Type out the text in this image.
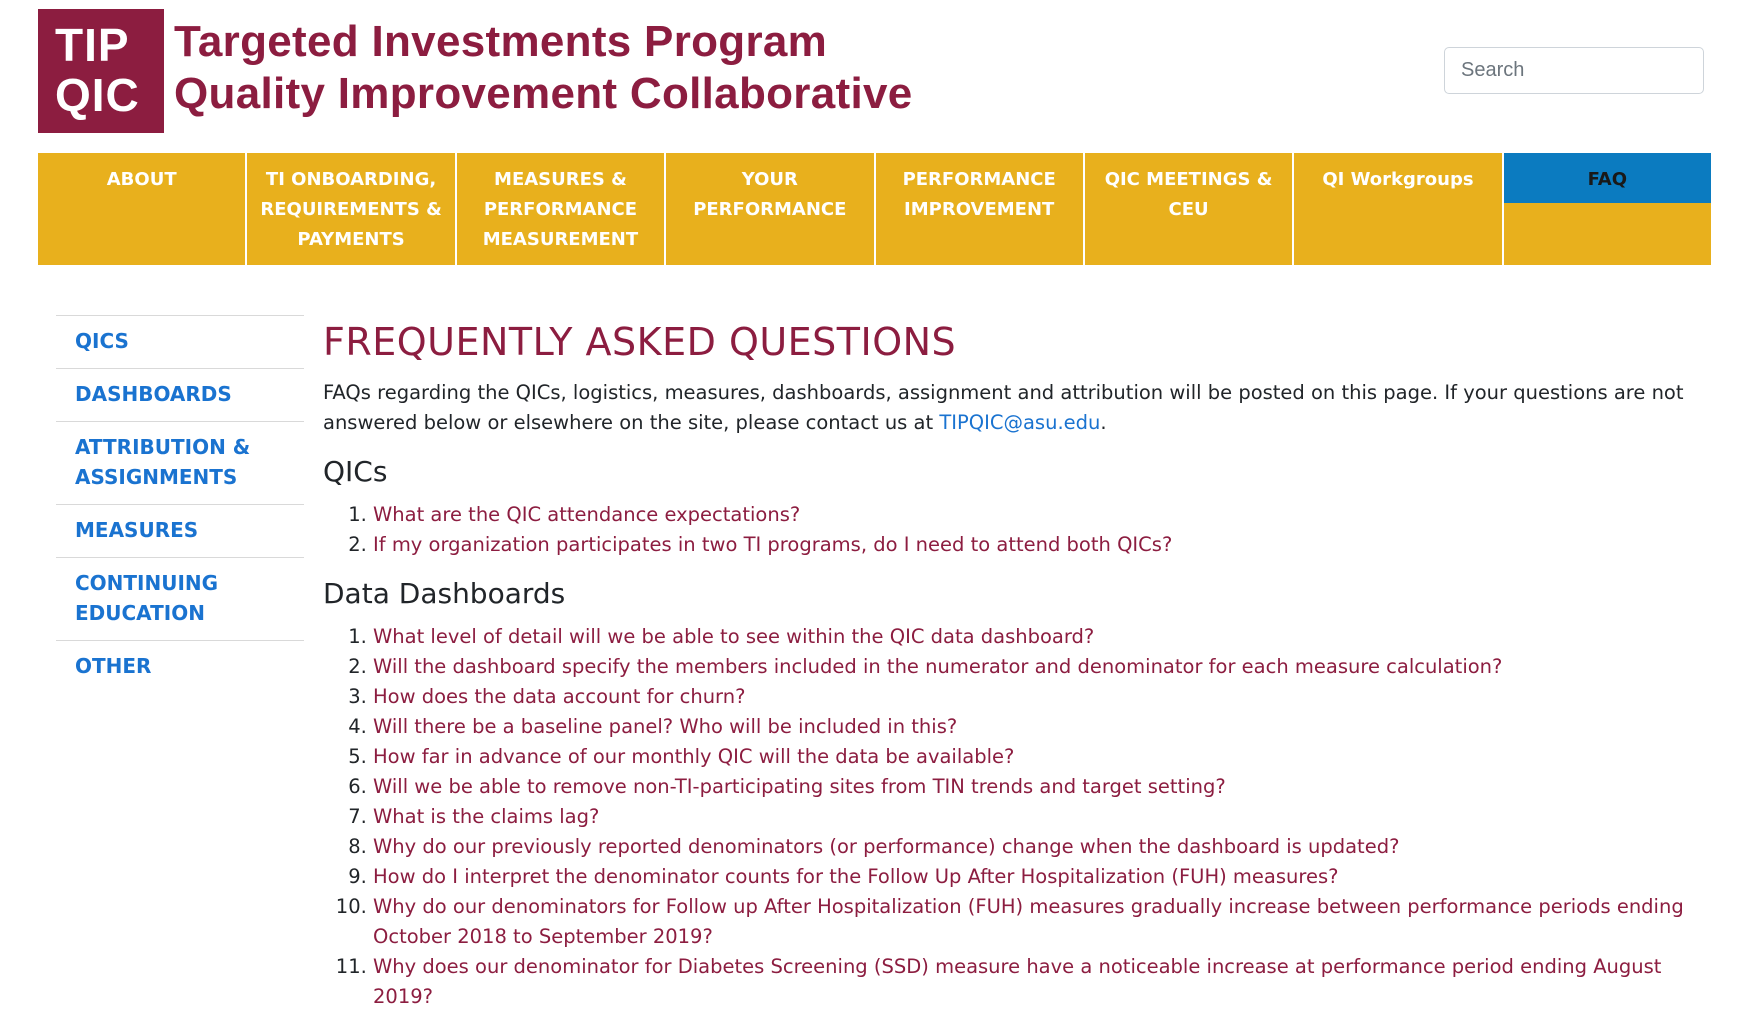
TIP
QIC
Targeted Investments Program
Quality Improvement Collaborative
Search
ABOUT	TI ONBOARDING, REQUIREMENTS & PAYMENTS
MEASURES & PERFORMANCE MEASUREMENT
YOUR PERFORMANCE
PERFORMANCE IMPROVEMENT
QIC MEETINGS & CEU
QI Workgroups	FAQ
QICS
DASHBOARDS
ATTRIBUTION & ASSIGNMENTS
MEASURES
CONTINUING EDUCATION
OTHER
FREQUENTLY ASKED QUESTIONS

FAQs regarding the QICs, logistics, measures, dashboards, assignment and attribution will be posted on this page. If your questions are not answered below or elsewhere on the site, please contact us at TIPQIC@asu.edu.

QICs
1. What are the QIC attendance expectations?
2. If my organization participates in two TI programs, do I need to attend both QICs?
Data Dashboards
1. What level of detail will we be able to see within the QIC data dashboard?
2. Will the dashboard specify the members included in the numerator and denominator for each measure calculation?
3. How does the data account for churn?
4. Will there be a baseline panel? Who will be included in this?
5. How far in advance of our monthly QIC will the data be available?
6. Will we be able to remove non-TI-participating sites from TIN trends and target setting?
7. What is the claims lag?
8. Why do our previously reported denominators (or performance) change when the dashboard is updated?
9. How do I interpret the denominator counts for the Follow Up After Hospitalization (FUH) measures?
10. Why do our denominators for Follow up After Hospitalization (FUH) measures gradually increase between performance periods ending October 2018 to September 2019?
11. Why does our denominator for Diabetes Screening (SSD) measure have a noticeable increase at performance period ending August 2019?
